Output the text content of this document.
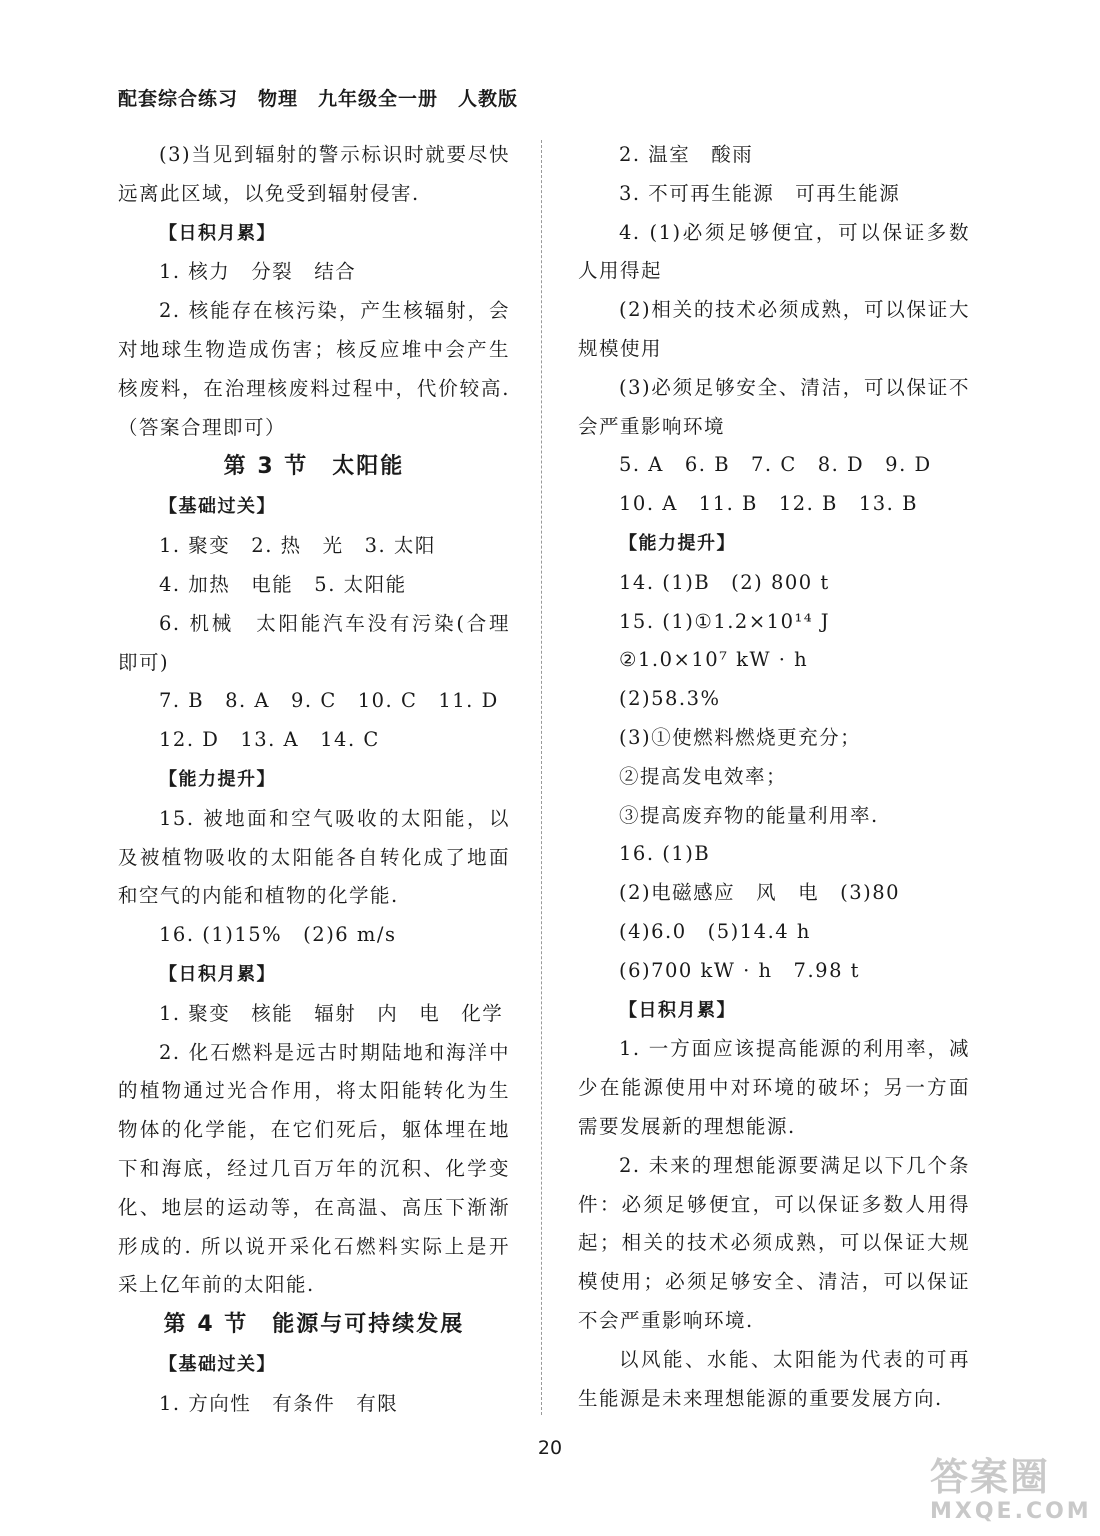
配套综合练习　物理　九年级全一册　人教版
(3)当见到辐射的警示标识时就要尽快远离此区域，以免受到辐射侵害.
【日积月累】
1. 核力　分裂　结合
2. 核能存在核污染，产生核辐射，会对地球生物造成伤害；核反应堆中会产生核废料，在治理核废料过程中，代价较高.（答案合理即可）
第 3 节　太阳能
【基础过关】
1. 聚变　2. 热　光　3. 太阳
4. 加热　电能　5. 太阳能
6. 机械　太阳能汽车没有污染(合理即可)
7. B　8. A　9. C　10. C　11. D
12. D　13. A　14. C
【能力提升】
15. 被地面和空气吸收的太阳能，以及被植物吸收的太阳能各自转化成了地面和空气的内能和植物的化学能.
16. (1)15%　(2)6 m/s
【日积月累】
1. 聚变　核能　辐射　内　电　化学
2. 化石燃料是远古时期陆地和海洋中的植物通过光合作用，将太阳能转化为生物体的化学能，在它们死后，躯体埋在地下和海底，经过几百万年的沉积、化学变化、地层的运动等，在高温、高压下渐渐形成的. 所以说开采化石燃料实际上是开采上亿年前的太阳能.
第 4 节　能源与可持续发展
【基础过关】
1. 方向性　有条件　有限
2. 温室　酸雨
3. 不可再生能源　可再生能源
4. (1)必须足够便宜，可以保证多数人用得起
(2)相关的技术必须成熟，可以保证大规模使用
(3)必须足够安全、清洁，可以保证不会严重影响环境
5. A　6. B　7. C　8. D　9. D
10. A　11. B　12. B　13. B
【能力提升】
14. (1)B　(2) 800 t
15. (1)①1.2×10¹⁴ J
②1.0×10⁷ kW · h
(2)58.3%
(3)①使燃料燃烧更充分；
②提高发电效率；
③提高废弃物的能量利用率.
16. (1)B
(2)电磁感应　风　电　(3)80
(4)6.0　(5)14.4 h
(6)700 kW · h　7.98 t
【日积月累】
1. 一方面应该提高能源的利用率，减少在能源使用中对环境的破坏；另一方面需要发展新的理想能源.
2. 未来的理想能源要满足以下几个条件：必须足够便宜，可以保证多数人用得起；相关的技术必须成熟，可以保证大规模使用；必须足够安全、清洁，可以保证不会严重影响环境.
以风能、水能、太阳能为代表的可再生能源是未来理想能源的重要发展方向.
20
答案圈
MXQE.COM
